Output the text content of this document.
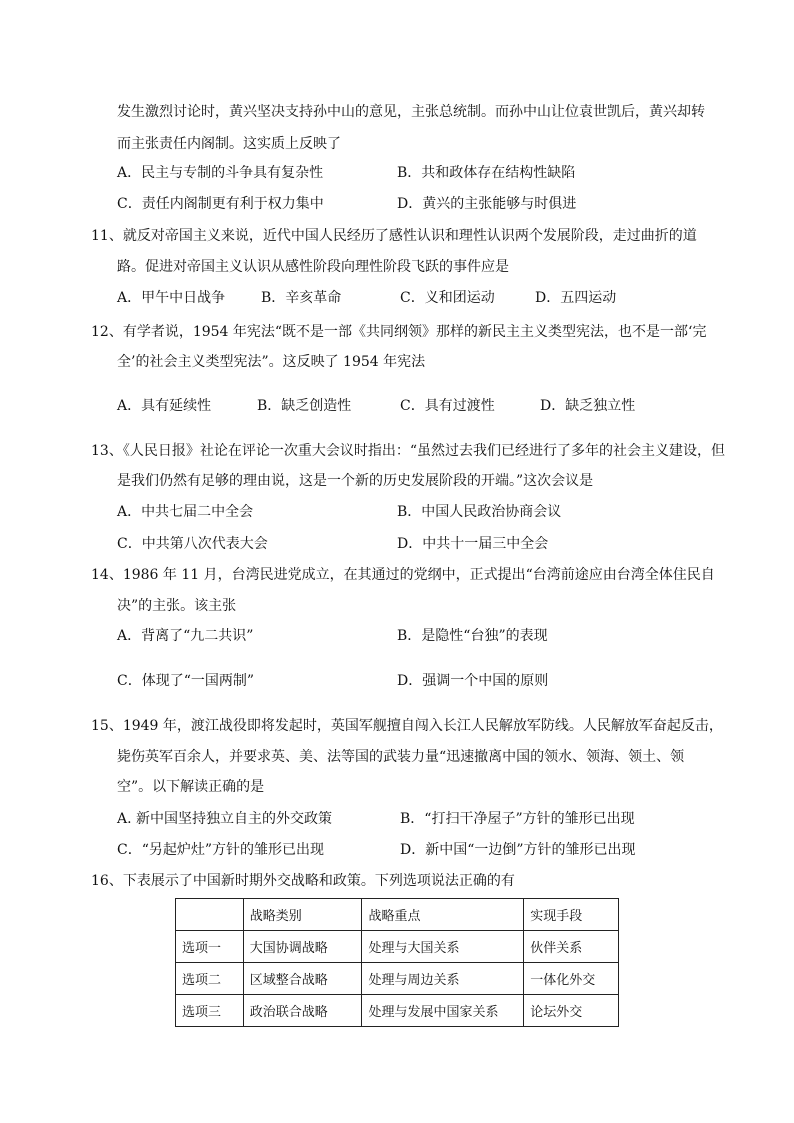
发生激烈讨论时，黄兴坚决支持孙中山的意见，主张总统制。而孙中山让位袁世凯后，黄兴却转
而主张责任内阁制。这实质上反映了
A．民主与专制的斗争具有复杂性	B．共和政体存在结构性缺陷
C．责任内阁制更有利于权力集中	D．黄兴的主张能够与时俱进
11、就反对帝国主义来说，近代中国人民经历了感性认识和理性认识两个发展阶段，走过曲折的道
路。促进对帝国主义认识从感性阶段向理性阶段飞跃的事件应是
A．甲午中日战争	B．辛亥革命	C．义和团运动	D．五四运动
12、有学者说，1954 年宪法“既不是一部《共同纲领》那样的新民主主义类型宪法，也不是一部‘完
全’的社会主义类型宪法”。这反映了 1954 年宪法
A．具有延续性	B．缺乏创造性	C．具有过渡性	D．缺乏独立性
13、《人民日报》社论在评论一次重大会议时指出：“虽然过去我们已经进行了多年的社会主义建设，但
是我们仍然有足够的理由说，这是一个新的历史发展阶段的开端。”这次会议是
A．中共七届二中全会	B．中国人民政治协商会议
C．中共第八次代表大会	D．中共十一届三中全会
14、1986 年 11 月，台湾民进党成立，在其通过的党纲中，正式提出“台湾前途应由台湾全体住民自
决”的主张。该主张
A．背离了“九二共识”	B．是隐性“台独”的表现
C．体现了“一国两制”	D．强调一个中国的原则
15、1949 年，渡江战役即将发起时，英国军舰擅自闯入长江人民解放军防线。人民解放军奋起反击，
毙伤英军百余人，并要求英、美、法等国的武装力量“迅速撤离中国的领水、领海、领土、领
空”。以下解读正确的是
A. 新中国坚持独立自主的外交政策	B．“打扫干净屋子”方针的雏形已出现
C．“另起炉灶”方针的雏形已出现	D．新中国“一边倒”方针的雏形已出现
16、下表展示了中国新时期外交战略和政策。下列选项说法正确的有
	战略类别	战略重点	实现手段
选项一	大国协调战略	处理与大国关系	伙伴关系
选项二	区域整合战略	处理与周边关系	一体化外交
选项三	政治联合战略	处理与发展中国家关系	论坛外交
